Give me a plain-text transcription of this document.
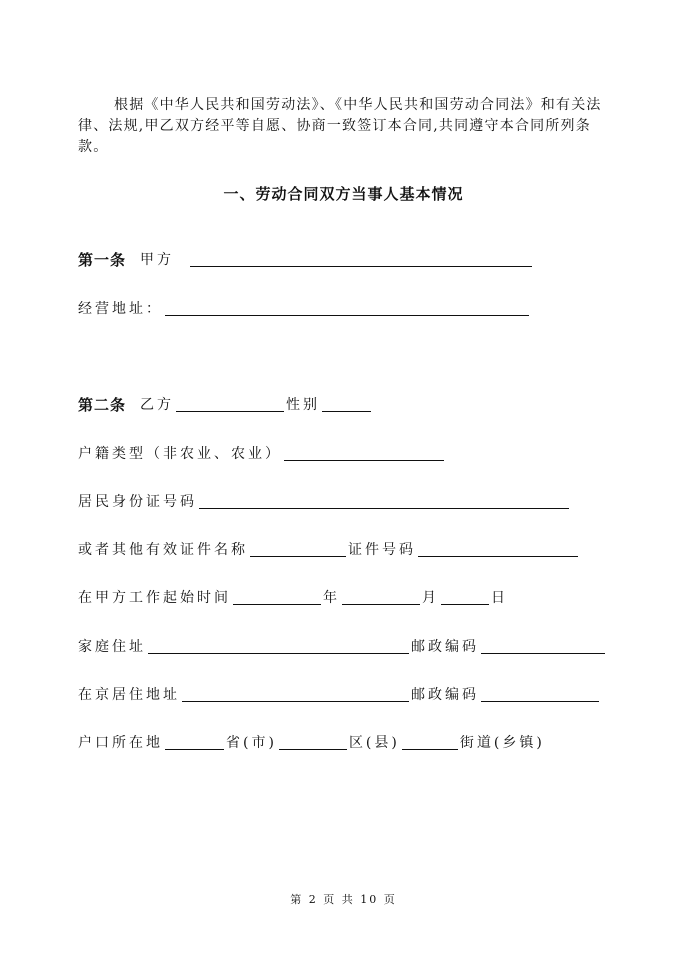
根据《中华人民共和国劳动法》、《中华人民共和国劳动合同法》和有关法律、法规,甲乙双方经平等自愿、协商一致签订本合同,共同遵守本合同所列条款。

一、劳动合同双方当事人基本情况
第一条 甲方
经营地址：
第二条 乙方	性别
户籍类型（非农业、农业）
居民身份证号码
或者其他有效证件名称	证件号码
在甲方工作起始时间	年	月	日
家庭住址	邮政编码
在京居住地址	邮政编码
户口所在地	省(市)	区(县)	街道(乡镇)
第 2 页 共 10 页
